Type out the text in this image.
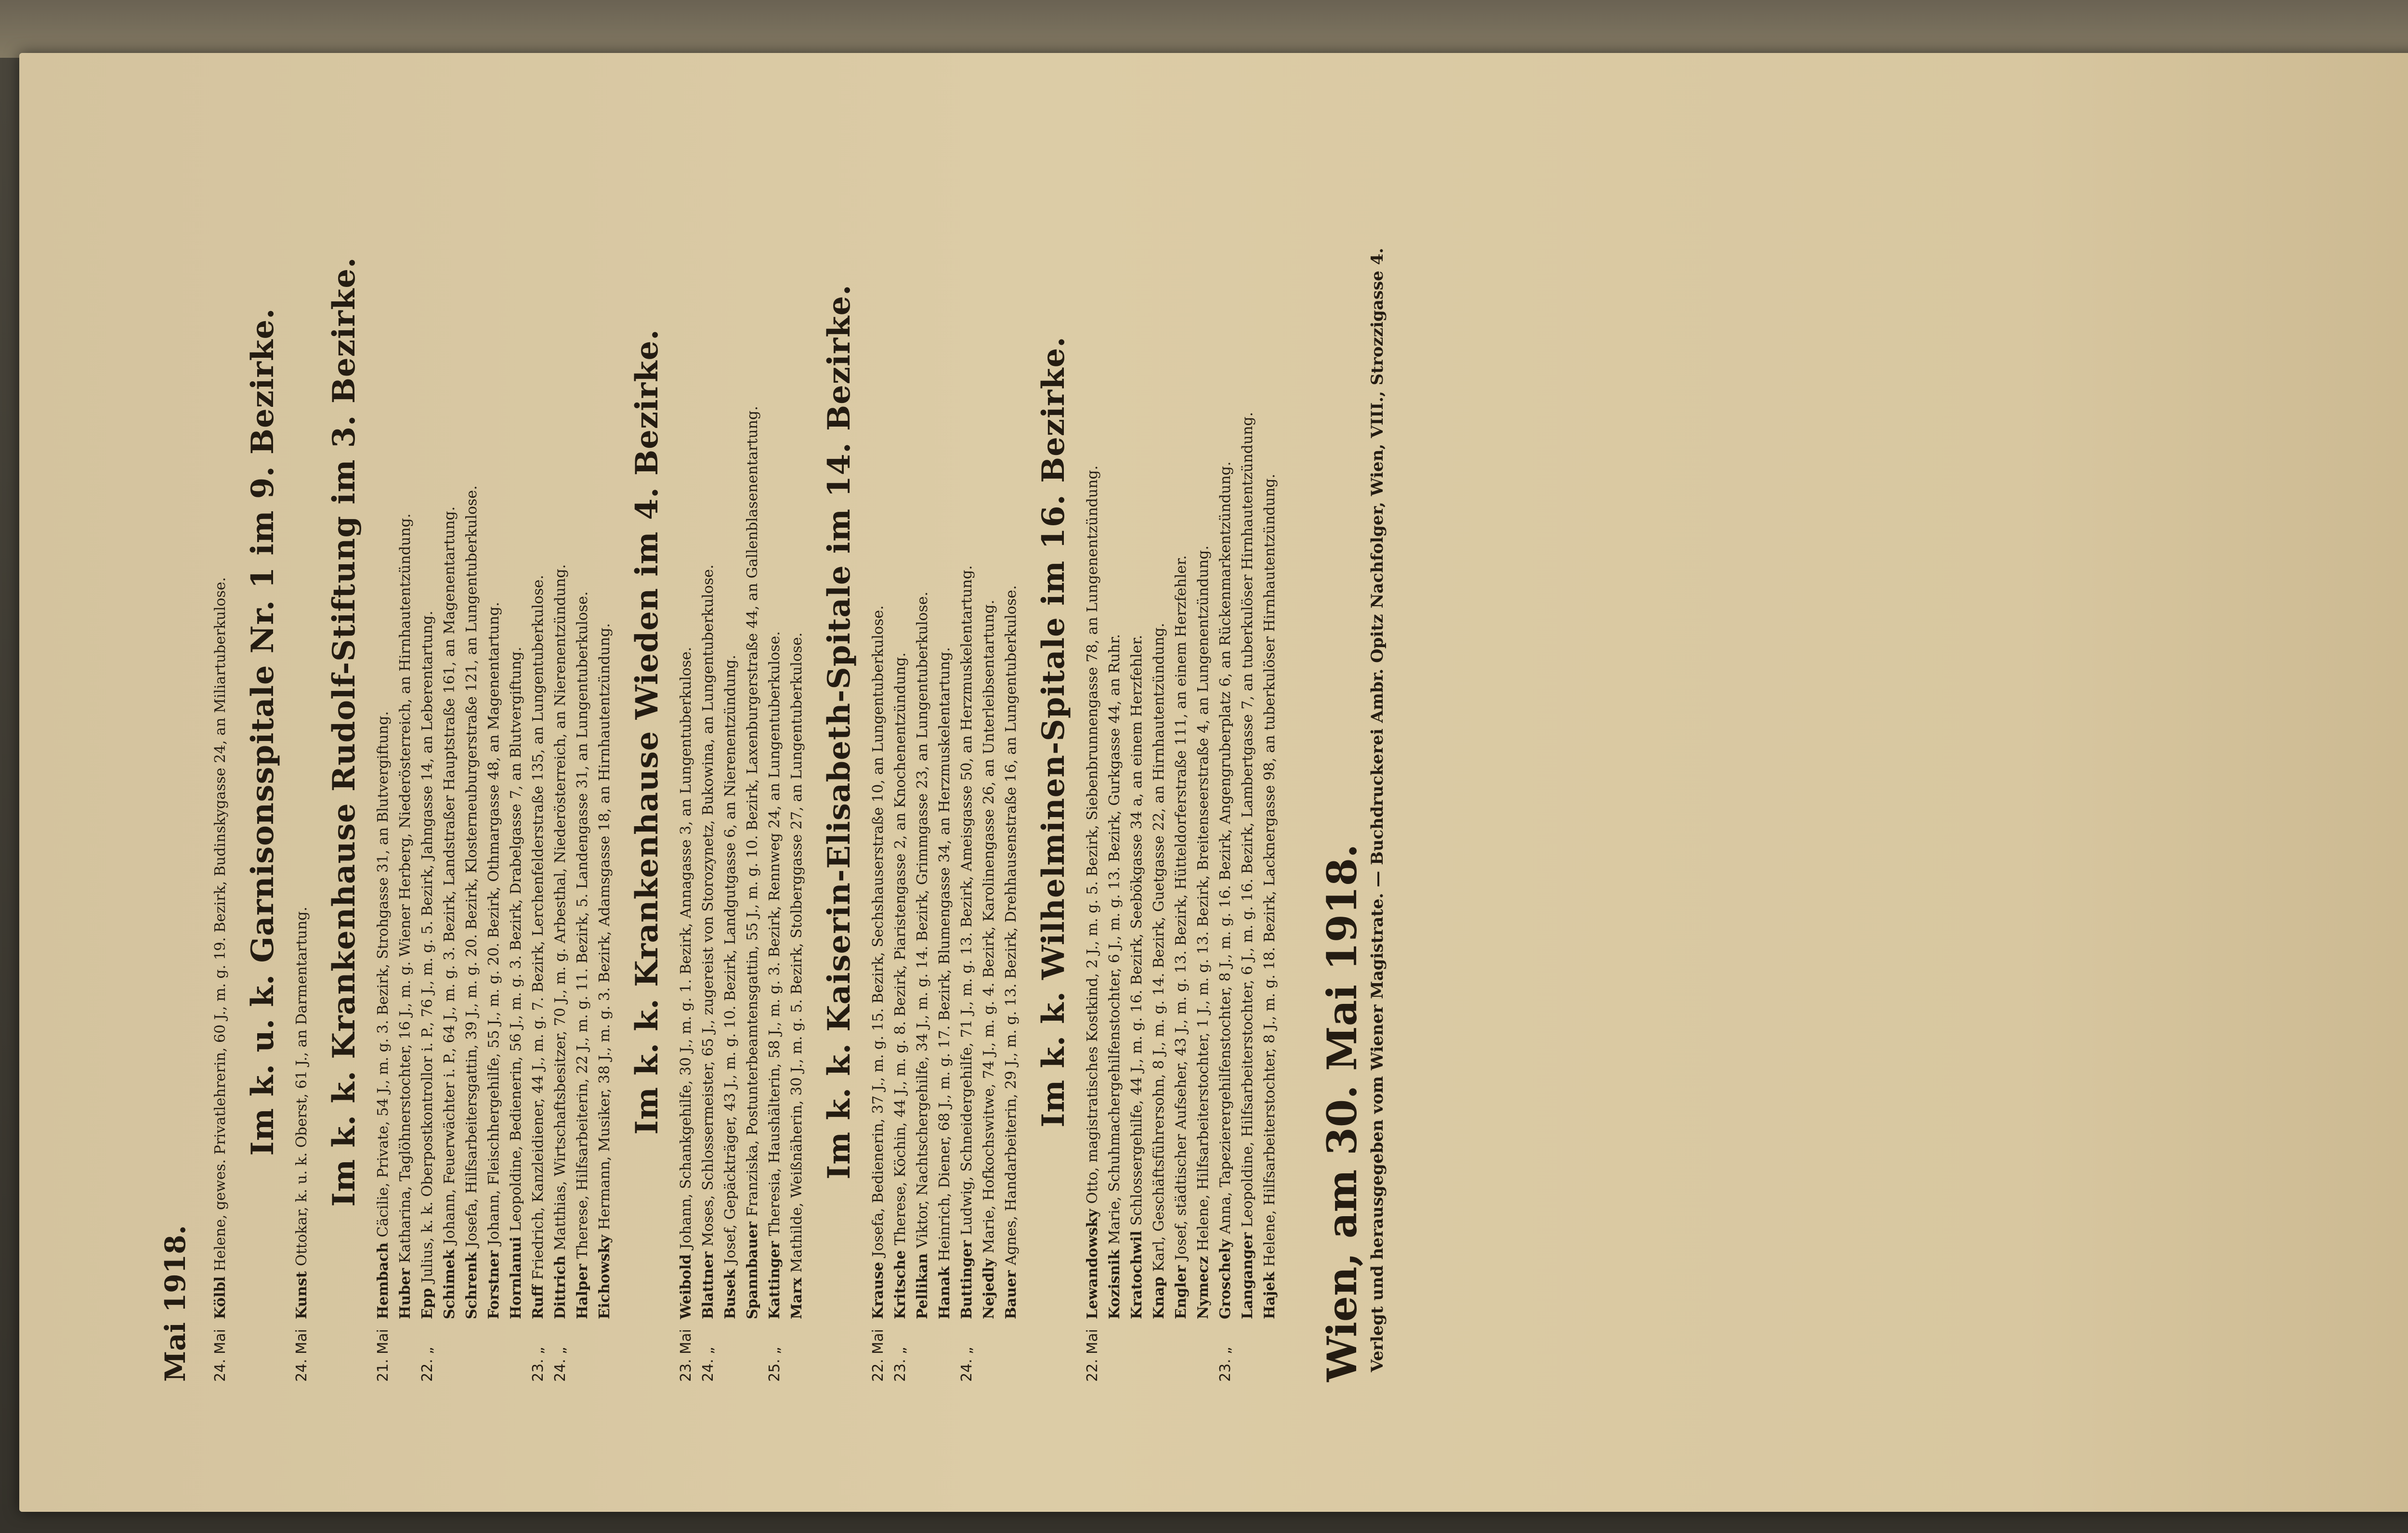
Mai 1918. 24. Mai
Kölbl Helene, gewes. Privatlehrerin, 60 J., m. g. 19. Bezirk, Budinskygasse 24, an Miliartuberkulose. Im k. u. k. Garnisonsspitale Nr. 1 im 9. Bezirke.
24. Mai
Kunst Ottokar, k. u. k. Oberst, 61 J., an Darmentartung. Im k. k. Krankenhause Rudolf-Stiftung im 3. Bezirke.
21. Mai
Hembach Cäcilie, Private, 54 J., m. g. 3. Bezirk, Strohgasse 31, an Blutvergiftung.
Huber Katharina, Taglöhnerstochter, 16 J., m. g. Wiener Herberg, Niederösterreich, an Hirnhautentzündung.
22. „
Epp Julius, k. k. Oberpostkontrollor i. P., 76 J., m. g. 5. Bezirk, Jahngasse 14, an Leberentartung. Schimek Johann, Feuerwächter i. P., 64 J., m. g. 3. Bezirk, Landstraßer Hauptstraße 161, an Magenentartung.
Schrenk Josefa, Hilfsarbeitersgattin, 39 J., m. g. 20. Bezirk, Klosterneuburgerstraße 121, an Lungentuberkulose.
Forstner Johann, Fleischhergehilfe, 55 J., m. g. 20. Bezirk, Othmargasse 48, an Magenentartung.
Hornlanui Leopoldine, Bedienerin, 56 J., m. g. 3. Bezirk, Drabelgasse 7, an Blutvergiftung.
23. „
Ruff Friedrich, Kanzleidiener, 44 J., m. g. 7. Bezirk, Lerchenfelderstraße 135, an Lungentuberkulose.
24. „
Dittrich Matthias, Wirtschaftsbesitzer, 70 J., m. g. Arbesthal, Niederösterreich, an Nierenentzündung.
Halper Therese, Hilfsarbeiterin, 22 J., m. g. 11. Bezirk, 5. Landengasse 31, an Lungentuberkulose.
Eichowsky Hermann, Musiker, 38 J., m. g. 3. Bezirk, Adamsgasse 18, an Hirnhautentzündung. Im k. k. Krankenhause Wieden im 4. Bezirke.
23. Mai
Weibold Johann, Schankgehilfe, 30 J., m. g. 1. Bezirk, Annagasse 3, an Lungentuberkulose.
24. „
Blattner Moses, Schlossermeister, 65 J., zugereist von Storozynetz, Bukowina, an Lungentuberkulose.
Busek Josef, Gepäckträger, 43 J., m. g. 10. Bezirk, Landgutgasse 6, an Nierenentzündung.
Spannbauer Franziska, Postunterbeamtensgattin, 55 J., m. g. 10. Bezirk, Laxenburgerstraße 44, an Gallenblasenentartung.
25. „
Kattinger Theresia, Haushälterin, 58 J., m. g. 3. Bezirk, Rennweg 24, an Lungentuberkulose.
Marx Mathilde, Weißnäherin, 30 J., m. g. 5. Bezirk, Stolberggasse 27, an Lungentuberkulose. Im k. k. Kaiserin-Elisabeth-Spitale im 14. Bezirke.
22. Mai
Krause Josefa, Bedienerin, 37 J., m. g. 15. Bezirk, Sechshauserstraße 10, an Lungentuberkulose.
23. „
Kritsche Therese, Köchin, 44 J., m. g. 8. Bezirk, Piaristengasse 2, an Knochenentzündung.
Pellikan Viktor, Nachtschergehilfe, 34 J., m. g. 14. Bezirk, Grimmgasse 23, an Lungentuberkulose.
Hanak Heinrich, Diener, 68 J., m. g. 17. Bezirk, Blumengasse 34, an Herzmuskelentartung.
24. „
Buttinger Ludwig, Schneidergehilfe, 71 J., m. g. 13. Bezirk, Ameisgasse 50, an Herzmuskelentartung.
Nejedly Marie, Hofkochswitwe, 74 J., m. g. 4. Bezirk, Karolinengasse 26, an Unterleibsentartung.
Bauer Agnes, Handarbeiterin, 29 J., m. g. 13. Bezirk, Drehhausenstraße 16, an Lungentuberkulose. Im k. k. Wilhelminen-Spitale im 16. Bezirke.
22. Mai
Lewandowsky Otto, magistratisches Kostkind, 2 J., m. g. 5. Bezirk, Siebenbrunnengasse 78, an Lungenentzündung.
Kozisnik Marie, Schuhmachergehilfenstochter, 6 J., m. g. 13. Bezirk, Gurkgasse 44, an Ruhr.
Kratochwil Schlossergehilfe, 44 J., m. g. 16. Bezirk, Seebökgasse 34 a, an einem Herzfehler.
Knap Karl, Geschäftsführersohn, 8 J., m. g. 14. Bezirk, Guetgasse 22, an Hirnhautentzündung.
Engler Josef, städtischer Aufseher, 43 J., m. g. 13. Bezirk, Hütteldorferstraße 111, an einem Herzfehler.
Nymecz Helene, Hilfsarbeiterstochter, 1 J., m. g. 13. Bezirk, Breitenseerstraße 4, an Lungenentzündung.
23. „
Groschely Anna, Tapezierergehilfenstochter, 8 J., m. g. 16. Bezirk, Angengruberplatz 6, an Rückenmarkentzündung.
Langanger Leopoldine, Hilfsarbeiterstochter, 6 J., m. g. 16. Bezirk, Lambertgasse 7, an tuberkulöser Hirnhautentzündung.
Hajek Helene, Hilfsarbeiterstochter, 8 J., m. g. 18. Bezirk, Lacknergasse 98, an tuberkulöser Hirnhautentzündung. Wien, am 30. Mai 1918. Verlegt und herausgegeben vom Wiener Magistrate. — Buchdruckerei Ambr. Opitz Nachfolger, Wien, VIII., Strozzigasse 4.
